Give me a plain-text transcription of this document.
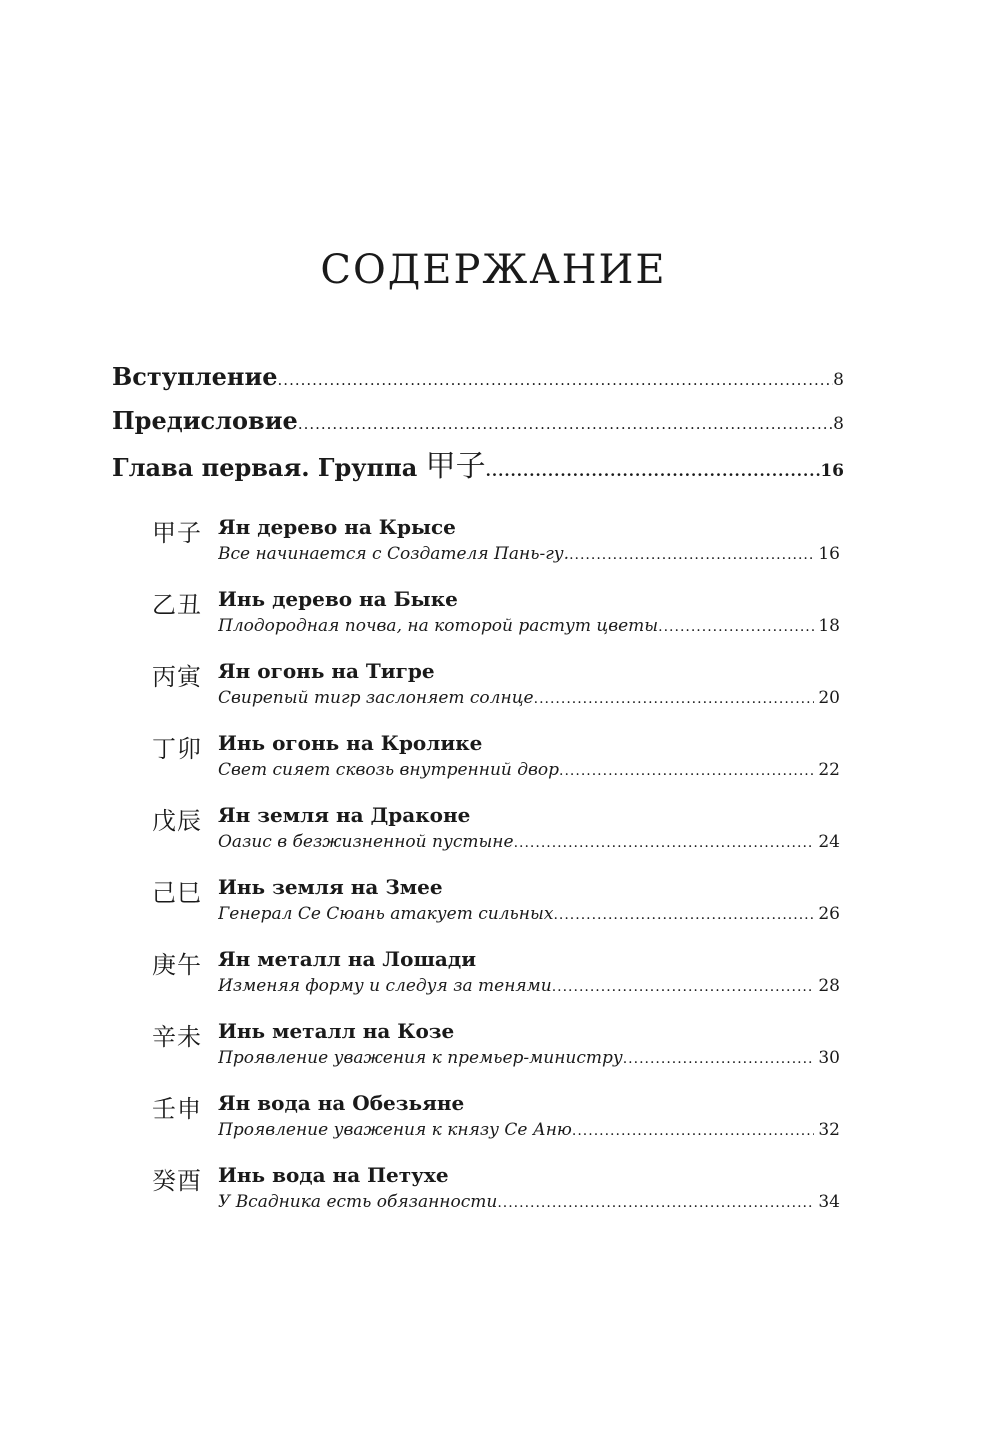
СОДЕРЖАНИЕ
Вступление .....	8
Предисловие .....	8
Глава первая. Группа 甲子 .....	16
甲子 Ян дерево на Крысе
Все начинается с Создателя Пань-гу. .....	16
乙丑 Инь дерево на Быке
Плодородная почва, на которой растут цветы .....	18
丙寅 Ян огонь на Тигре
Свирепый тигр заслоняет солнце .....	20
丁卯 Инь огонь на Кролике
Свет сияет сквозь внутренний двор .....	22
戊辰 Ян земля на Драконе
Оазис в безжизненной пустыне .....	24
己巳 Инь земля на Змее
Генерал Се Сюань атакует сильных .....	26
庚午 Ян металл на Лошади
Изменяя форму и следуя за тенями .....	28
辛未 Инь металл на Козе
Проявление уважения к премьер-министру .....	30
壬申 Ян вода на Обезьяне
Проявление уважения к князу Се Аню .....	32
癸酉 Инь вода на Петухе
У Всадника есть обязанности .....	34
